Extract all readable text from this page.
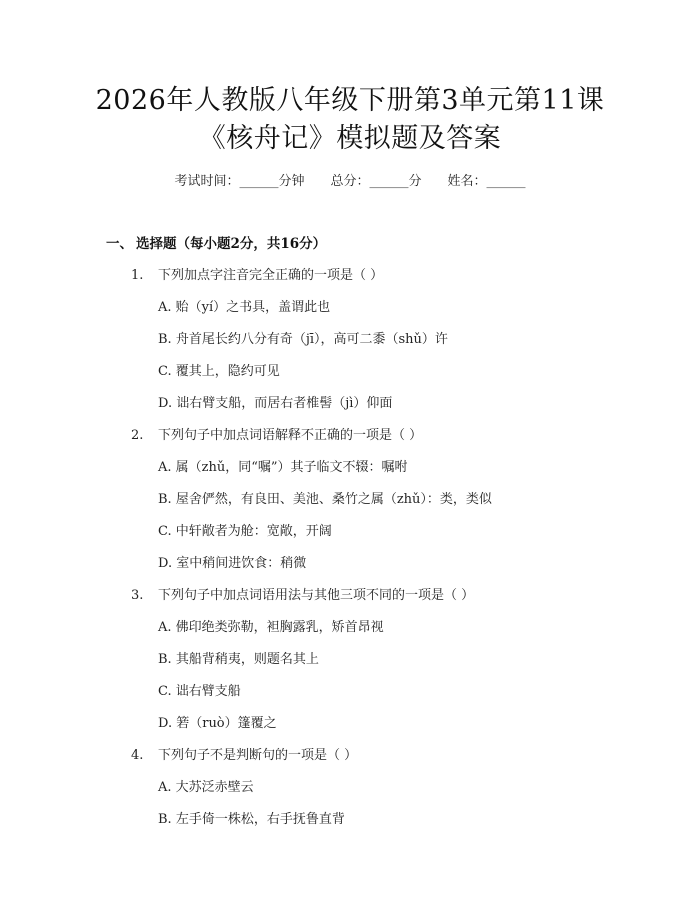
2026年人教版八年级下册第3单元第11课
《核舟记》模拟题及答案
考试时间：______分钟 总分：______分 姓名：______
一、 选择题（每小题2分，共16分）
1. 下列加点字注音完全正确的一项是（ ）
A. 贻（yí）之书具，盖谓此也
B. 舟首尾长约八分有奇（jī），高可二黍（shǔ）许
C. 覆其上，隐约可见
D. 诎右臂支船，而居右者椎髻（jì）仰面
2. 下列句子中加点词语解释不正确的一项是（ ）
A. 属（zhǔ，同“嘱”）其子临文不辍：嘱咐
B. 屋舍俨然，有良田、美池、桑竹之属（zhǔ）：类，类似
C. 中轩敞者为舱：宽敞，开阔
D. 室中稍间进饮食：稍微
3. 下列句子中加点词语用法与其他三项不同的一项是（ ）
A. 佛印绝类弥勒，袒胸露乳，矫首昂视
B. 其船背稍夷，则题名其上
C. 诎右臂支船
D. 箬（ruò）篷覆之
4. 下列句子不是判断句的一项是（ ）
A. 大苏泛赤壁云
B. 左手倚一株松，右手抚鲁直背
